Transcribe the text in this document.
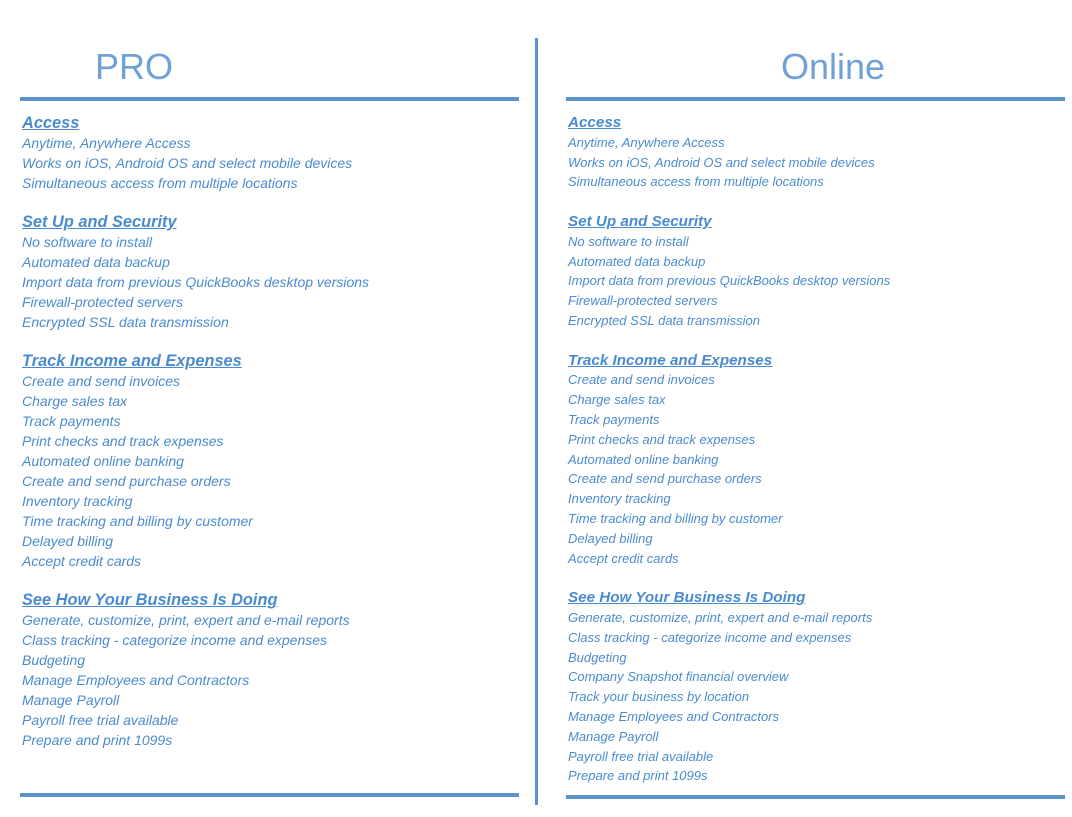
PRO	Online
Access
Anytime, Anywhere Access
Works on iOS, Android OS and select mobile devices
Simultaneous access from multiple locations
Set Up and Security
No software to install
Automated data backup
Import data from previous QuickBooks desktop versions
Firewall-protected servers
Encrypted SSL data transmission
Track Income and Expenses
Create and send invoices
Charge sales tax
Track payments
Print checks and track expenses
Automated online banking
Create and send purchase orders
Inventory tracking
Time tracking and billing by customer
Delayed billing
Accept credit cards
See How Your Business Is Doing
Generate, customize, print, expert and e-mail reports
Class tracking - categorize income and expenses
Budgeting
Manage Employees and Contractors
Manage Payroll
Payroll free trial available
Prepare and print 1099s
Access
Anytime, Anywhere Access
Works on iOS, Android OS and select mobile devices
Simultaneous access from multiple locations
Set Up and Security
No software to install
Automated data backup
Import data from previous QuickBooks desktop versions
Firewall-protected servers
Encrypted SSL data transmission
Track Income and Expenses
Create and send invoices
Charge sales tax
Track payments
Print checks and track expenses
Automated online banking
Create and send purchase orders
Inventory tracking
Time tracking and billing by customer
Delayed billing
Accept credit cards
See How Your Business Is Doing
Generate, customize, print, expert and e-mail reports
Class tracking - categorize income and expenses
Budgeting
Company Snapshot financial overview
Track your business by location
Manage Employees and Contractors
Manage Payroll
Payroll free trial available
Prepare and print 1099s
